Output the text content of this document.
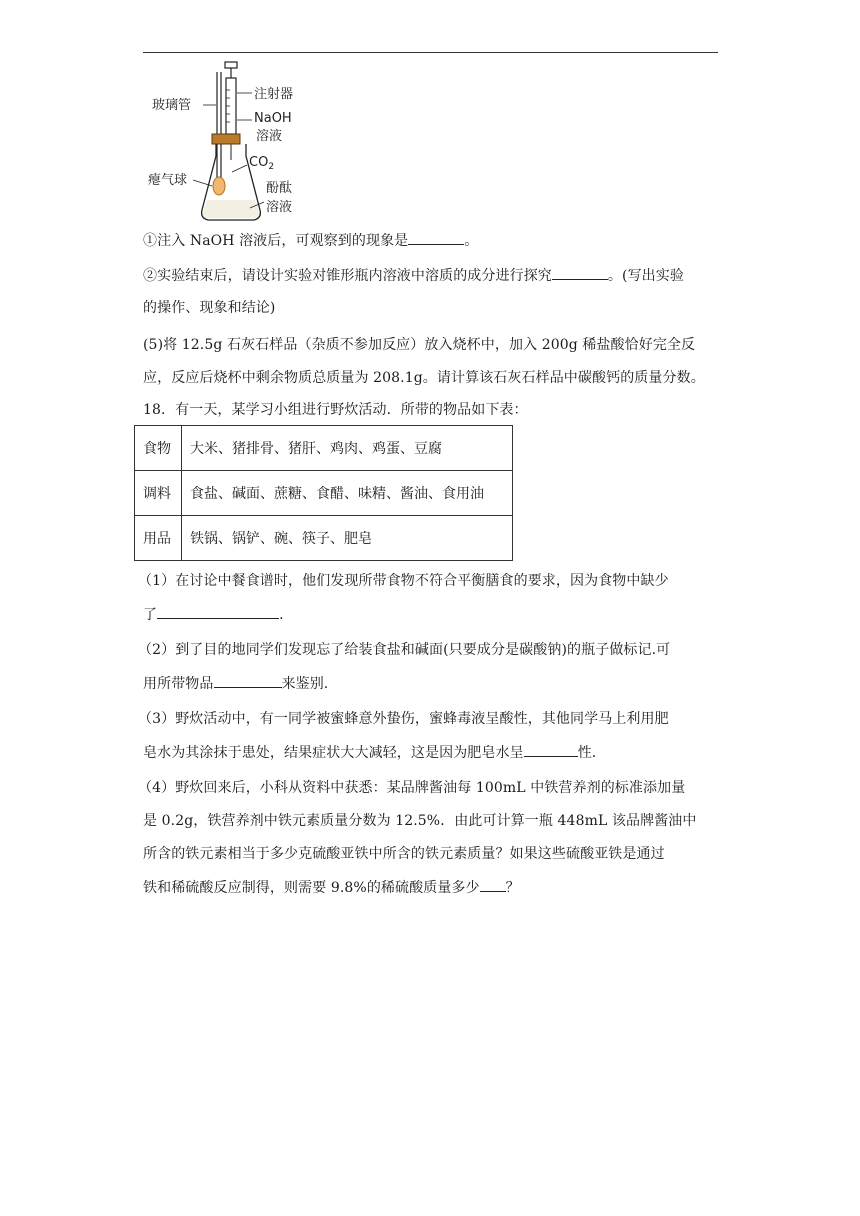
玻璃管
注射器
NaOH
溶液
$CO_2$
瘪气球
酚酞
溶液
①注入 NaOH 溶液后，可观察到的现象是	。
②实验结束后，请设计实验对锥形瓶内溶液中溶质的成分进行探究	。(写出实验
的操作、现象和结论)
(5)将 12.5g 石灰石样品（杂质不参加反应）放入烧杯中，加入 200g 稀盐酸恰好完全反
应，反应后烧杯中剩余物质总质量为 208.1g。请计算该石灰石样品中碳酸钙的质量分数。
18．有一天，某学习小组进行野炊活动．所带的物品如下表：
食物	大米、猪排骨、猪肝、鸡肉、鸡蛋、豆腐
调料	食盐、碱面、蔗糖、食醋、味精、酱油、食用油
用品	铁锅、锅铲、碗、筷子、肥皂
（1）在讨论中餐食谱时，他们发现所带食物不符合平衡膳食的要求，因为食物中缺少
了	.
（2）到了目的地同学们发现忘了给装食盐和碱面(只要成分是碳酸钠)的瓶子做标记.可
用所带物品	来鉴别.
（3）野炊活动中，有一同学被蜜蜂意外蛰伤，蜜蜂毒液呈酸性，其他同学马上利用肥
皂水为其涂抹于患处，结果症状大大减轻，这是因为肥皂水呈	性.
（4）野炊回来后，小科从资料中获悉：某品牌酱油每 100mL 中铁营养剂的标准添加量
是 0.2g，铁营养剂中铁元素质量分数为 12.5%．由此可计算一瓶 448mL 该品牌酱油中
所含的铁元素相当于多少克硫酸亚铁中所含的铁元素质量？如果这些硫酸亚铁是通过
铁和稀硫酸反应制得，则需要 9.8%的稀硫酸质量多少 ？
